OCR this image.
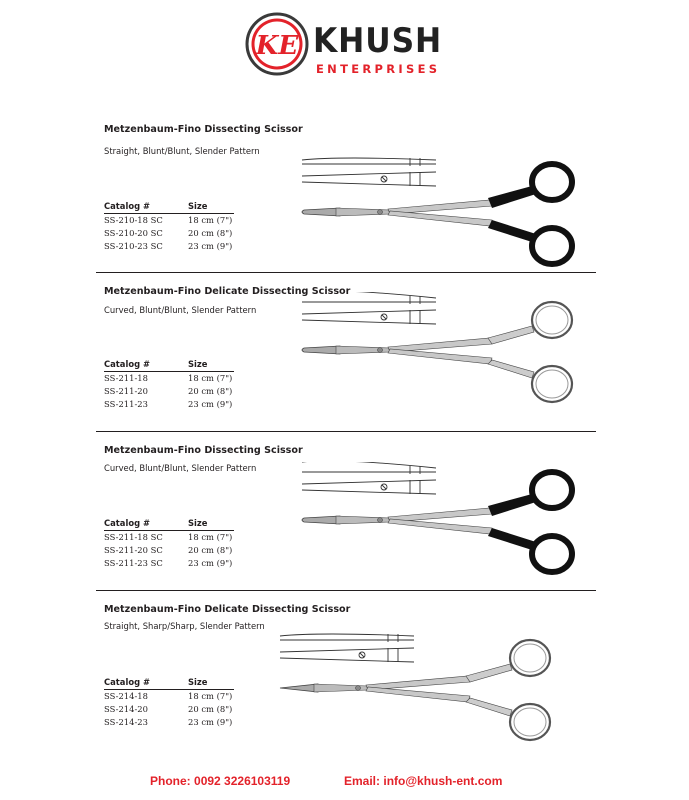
KE KHUSH
ENTERPRISES
Metzenbaum-Fino Dissecting Scissor
Straight, Blunt/Blunt, Slender Pattern
Catalog #	Size
SS-210-18 SC	18 cm (7")
SS-210-20 SC	20 cm (8")
SS-210-23 SC	23 cm (9")
Metzenbaum-Fino Delicate Dissecting Scissor
Curved, Blunt/Blunt, Slender Pattern
Catalog #	Size
SS-211-18	18 cm (7")
SS-211-20	20 cm (8")
SS-211-23	23 cm (9")
Metzenbaum-Fino Dissecting Scissor
Curved, Blunt/Blunt, Slender Pattern
Catalog #	Size
SS-211-18 SC	18 cm (7")
SS-211-20 SC	20 cm (8")
SS-211-23 SC	23 cm (9")
Metzenbaum-Fino Delicate Dissecting Scissor
Straight, Sharp/Sharp, Slender Pattern
Catalog #	Size
SS-214-18	18 cm (7")
SS-214-20	20 cm (8")
SS-214-23	23 cm (9")
Phone: 0092 3226103119	Email: info@khush-ent.com
